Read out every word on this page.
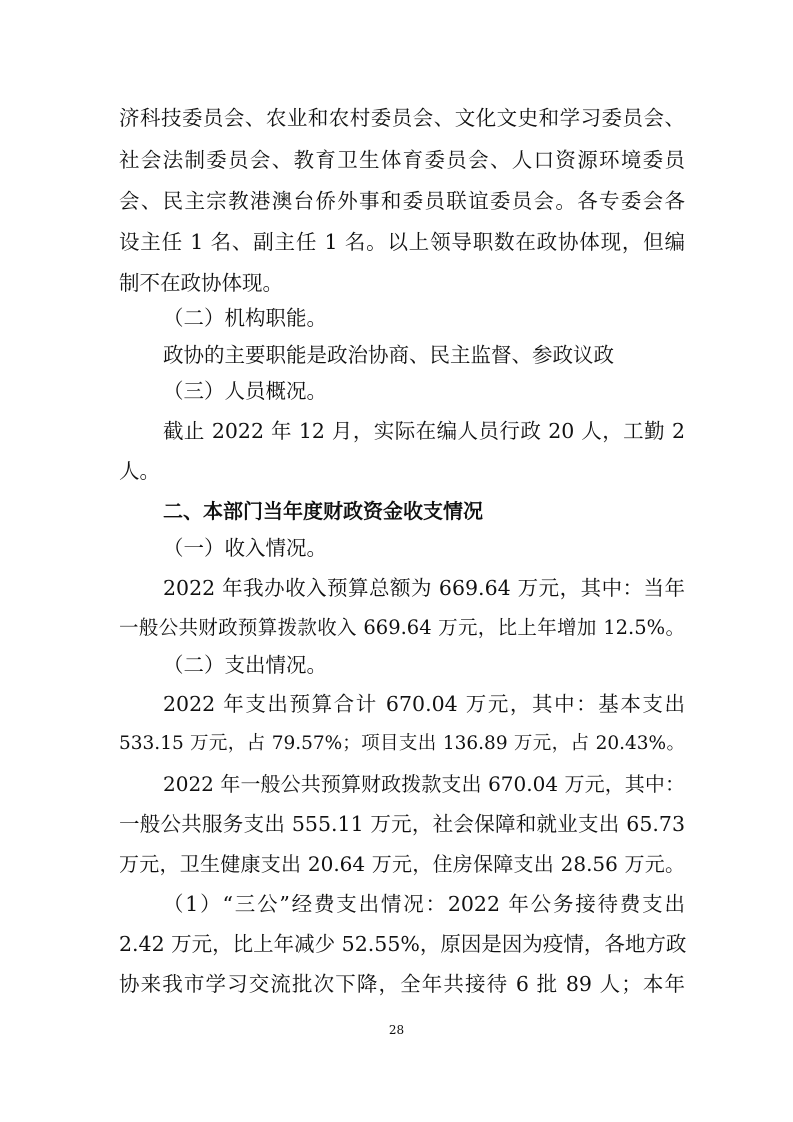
济科技委员会、农业和农村委员会、文化文史和学习委员会、
社会法制委员会、教育卫生体育委员会、人口资源环境委员
会、民主宗教港澳台侨外事和委员联谊委员会。各专委会各
设主任 1 名、副主任 1 名。以上领导职数在政协体现，但编
制不在政协体现。
（二）机构职能。
政协的主要职能是政治协商、民主监督、参政议政
（三）人员概况。
截止 2022 年 12 月，实际在编人员行政 20 人，工勤 2
人。
二、本部门当年度财政资金收支情况
（一）收入情况。
2022 年我办收入预算总额为 669.64 万元，其中：当年
一般公共财政预算拨款收入 669.64 万元，比上年增加 12.5%。
（二）支出情况。
2022 年支出预算合计 670.04 万元，其中：基本支出
533.15 万元，占 79.57%；项目支出 136.89 万元，占 20.43%。
2022 年一般公共预算财政拨款支出 670.04 万元，其中：
一般公共服务支出 555.11 万元，社会保障和就业支出 65.73
万元，卫生健康支出 20.64 万元，住房保障支出 28.56 万元。
（1）“三公”经费支出情况：2022 年公务接待费支出
2.42 万元，比上年减少 52.55%，原因是因为疫情，各地方政
协来我市学习交流批次下降，全年共接待 6 批 89 人；本年
28
